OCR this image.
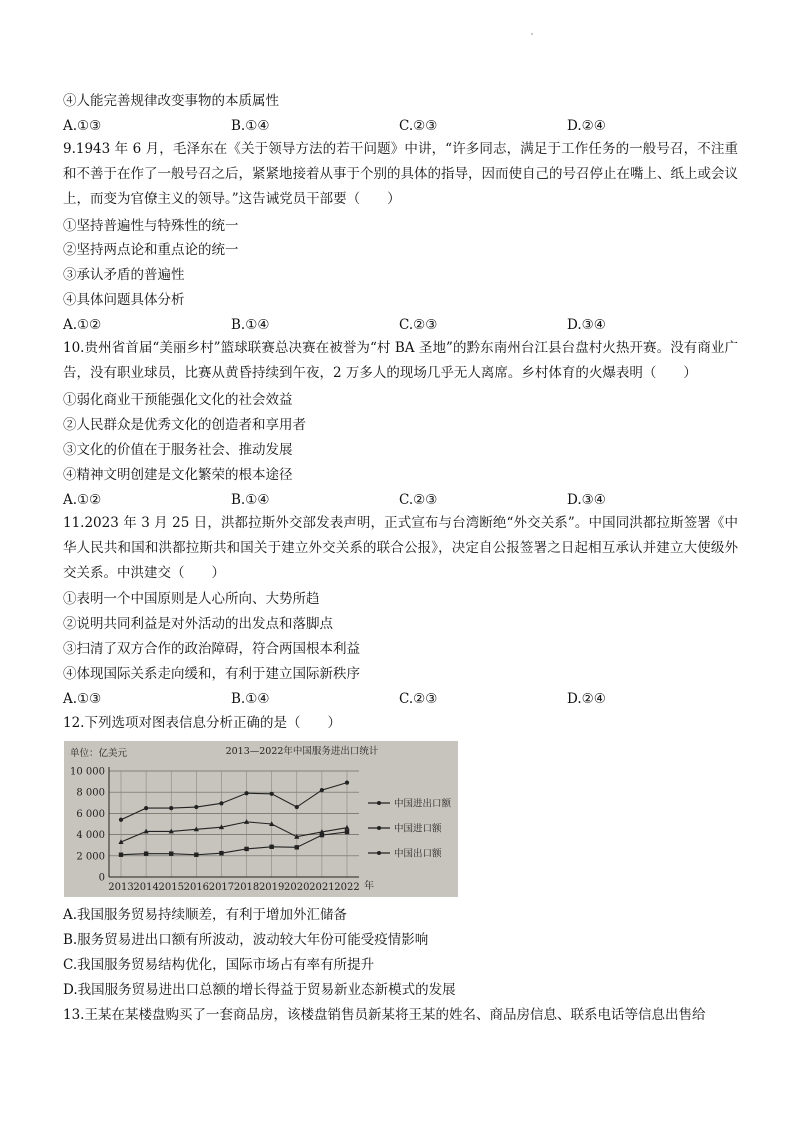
④人能完善规律改变事物的本质属性
A.①③	B.①④	C.②③	D.②④
9.1943 年 6 月，毛泽东在《关于领导方法的若干问题》中讲，“许多同志，满足于工作任务的一般号召，不注重和不善于在作了一般号召之后，紧紧地接着从事于个别的具体的指导，因而使自己的号召停止在嘴上、纸上或会议上，而变为官僚主义的领导。”这告诫党员干部要（　　）
①坚持普遍性与特殊性的统一
②坚持两点论和重点论的统一
③承认矛盾的普遍性
④具体问题具体分析
A.①②	B.①④	C.②③	D.③④
10.贵州省首届“美丽乡村”篮球联赛总决赛在被誉为“村 BA 圣地”的黔东南州台江县台盘村火热开赛。没有商业广告，没有职业球员，比赛从黄昏持续到午夜，2 万多人的现场几乎无人离席。乡村体育的火爆表明（　　）
①弱化商业干预能强化文化的社会效益
②人民群众是优秀文化的创造者和享用者
③文化的价值在于服务社会、推动发展
④精神文明创建是文化繁荣的根本途径
A.①②	B.①④	C.②③	D.③④
11.2023 年 3 月 25 日，洪都拉斯外交部发表声明，正式宣布与台湾断绝“外交关系”。中国同洪都拉斯签署《中华人民共和国和洪都拉斯共和国关于建立外交关系的联合公报》，决定自公报签署之日起相互承认并建立大使级外交关系。中洪建交（　　）
①表明一个中国原则是人心所向、大势所趋
②说明共同利益是对外活动的出发点和落脚点
③扫清了双方合作的政治障碍，符合两国根本利益
④体现国际关系走向缓和，有利于建立国际新秩序
A.①③	B.①④	C.②③	D.②④
12.下列选项对图表信息分析正确的是（　　）
单位：亿美元	2013—2022年中国服务进出口统计
年
0
2 000
4 000
6 000
8 000
10 000
2013 2014 2015 2016 2017 2018 2019 2020 2021 2022
中国进出口额
中国进口额
中国出口额
A.我国服务贸易持续顺差，有利于增加外汇储备
B.服务贸易进出口额有所波动，波动较大年份可能受疫情影响
C.我国服务贸易结构优化，国际市场占有率有所提升
D.我国服务贸易进出口总额的增长得益于贸易新业态新模式的发展
13.王某在某楼盘购买了一套商品房，该楼盘销售员新某将王某的姓名、商品房信息、联系电话等信息出售给
